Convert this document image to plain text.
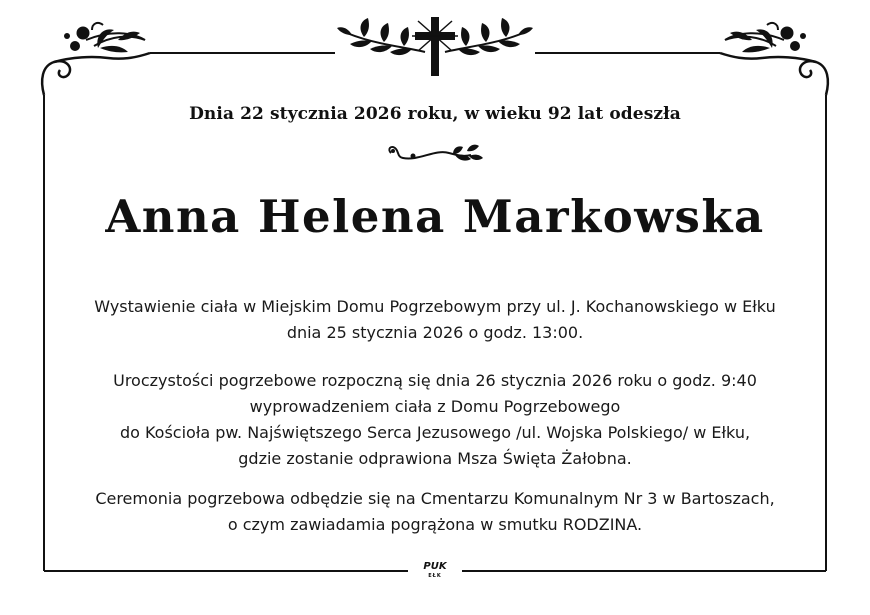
Dnia 22 stycznia 2026 roku, w wieku 92 lat odeszła
Anna Helena Markowska
Wystawienie ciała w Miejskim Domu Pogrzebowym przy ul. J. Kochanowskiego w Ełku
dnia 25 stycznia 2026 o godz. 13:00.
Uroczystości pogrzebowe rozpoczną się dnia 26 stycznia 2026 roku o godz. 9:40
wyprowadzeniem ciała z Domu Pogrzebowego
do Kościoła pw. Najświętszego Serca Jezusowego /ul. Wojska Polskiego/ w Ełku,
gdzie zostanie odprawiona Msza Święta Żałobna.
Ceremonia pogrzebowa odbędzie się na Cmentarzu Komunalnym Nr 3 w Bartoszach,
o czym zawiadamia pogrążona w smutku RODZINA.
PUK
EŁK
